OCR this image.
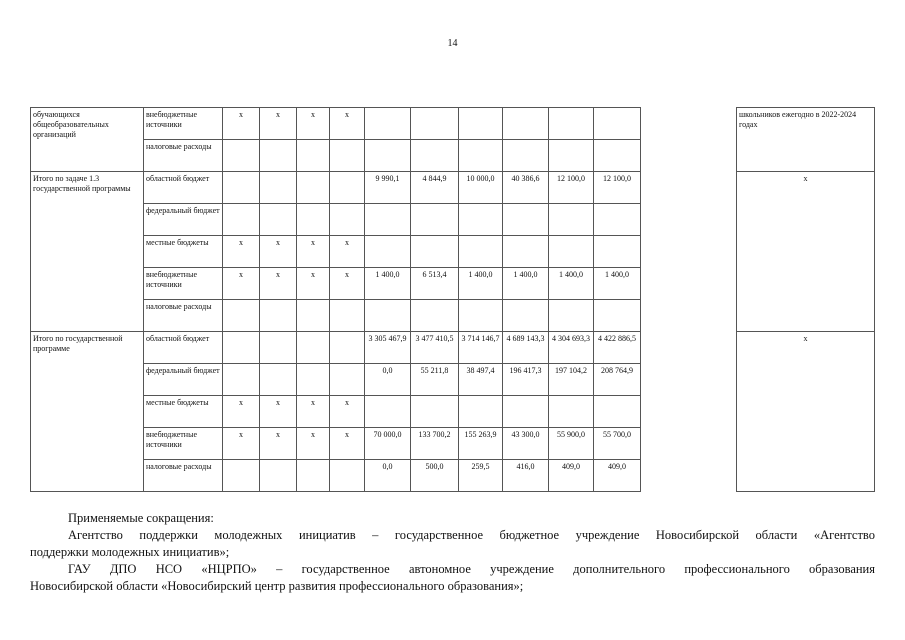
14
обучающихся общеобразовательных организаций	внебюджетные источники	x	x	x	x								школьников ежегодно в 2022-2024 годах
	налоговые расходы												
Итого по задаче 1.3 государственной программы	областной бюджет					9 990,1	4 844,9	10 000,0	40 386,6	12 100,0	12 100,0		x
	федеральный бюджет												
	местные бюджеты	x	x	x	x								
	внебюджетные источники	x	x	x	x	1 400,0	6 513,4	1 400,0	1 400,0	1 400,0	1 400,0		
	налоговые расходы												
Итого по государственной программе	областной бюджет					3 305 467,9	3 477 410,5	3 714 146,7	4 689 143,3	4 304 693,3	4 422 886,5		x
	федеральный бюджет					0,0	55 211,8	38 497,4	196 417,3	197 104,2	208 764,9		
	местные бюджеты	x	x	x	x								
	внебюджетные источники	x	x	x	x	70 000,0	133 700,2	155 263,9	43 300,0	55 900,0	55 700,0		
	налоговые расходы					0,0	500,0	259,5	416,0	409,0	409,0		
Применяемые сокращения:
Агентство поддержки молодежных инициатив – государственное бюджетное учреждение Новосибирской области «Агентство
поддержки молодежных инициатив»;
ГАУ ДПО НСО «НЦРПО» – государственное автономное учреждение дополнительного профессионального образования
Новосибирской области «Новосибирский центр развития профессионального образования»;
